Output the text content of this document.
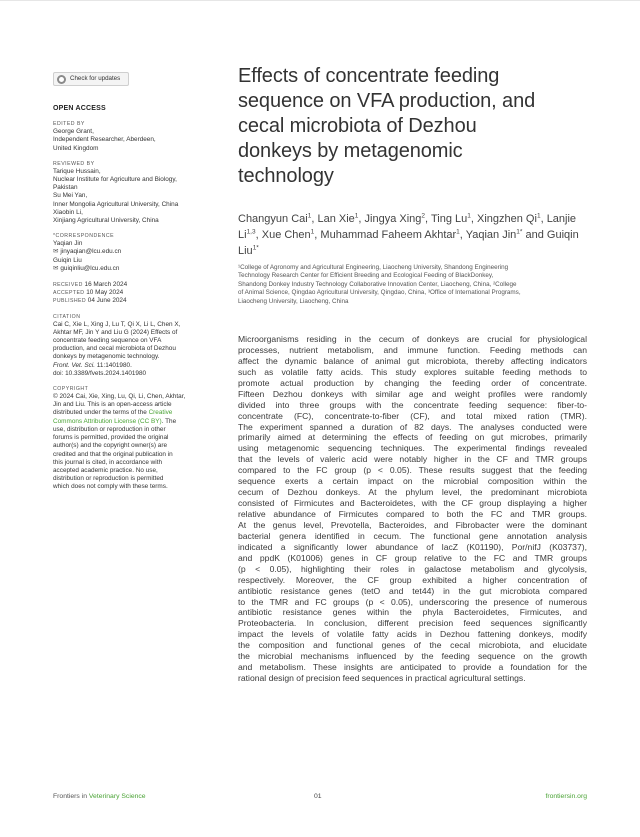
Check for updates
OPEN ACCESS
EDITED BY
George Grant,
Independent Researcher, Aberdeen,
United Kingdom
REVIEWED BY
Tarique Hussain,
Nuclear Institute for Agriculture and Biology,
Pakistan
Su Mei Yan,
Inner Mongolia Agricultural University, China
Xiaobin Li,
Xinjiang Agricultural University, China
*CORRESPONDENCE
Yaqian Jin
✉ jinyaqian@lcu.edu.cn
Guiqin Liu
✉ guiqinliu@lcu.edu.cn
RECEIVED 16 March 2024
ACCEPTED 10 May 2024
PUBLISHED 04 June 2024
CITATION
Cai C, Xie L, Xing J, Lu T, Qi X, Li L, Chen X,
Akhtar MF, Jin Y and Liu G (2024) Effects of
concentrate feeding sequence on VFA
production, and cecal microbiota of Dezhou
donkeys by metagenomic technology.
Front. Vet. Sci. 11:1401980.
doi: 10.3389/fvets.2024.1401980
COPYRIGHT
© 2024 Cai, Xie, Xing, Lu, Qi, Li, Chen, Akhtar,
Jin and Liu. This is an open-access article
distributed under the terms of the Creative
Commons Attribution License (CC BY). The
use, distribution or reproduction in other
forums is permitted, provided the original
author(s) and the copyright owner(s) are
credited and that the original publication in
this journal is cited, in accordance with
accepted academic practice. No use,
distribution or reproduction is permitted
which does not comply with these terms.
Effects of concentrate feeding
sequence on VFA production, and
cecal microbiota of Dezhou
donkeys by metagenomic
technology
Changyun Cai$^1$, Lan Xie$^1$, Jingya Xing$^2$, Ting Lu$^1$, Xingzhen Qi$^1$, Lanjie Li$^{1,3}$, Xue Chen$^1$, Muhammad Faheem Akhtar$^1$, Yaqian Jin$^{1*}$ and Guiqin Liu$^{1*}$
¹College of Agronomy and Agricultural Engineering, Liaocheng University, Shandong Engineering
Technology Research Center for Efficient Breeding and Ecological Feeding of BlackDonkey,
Shandong Donkey Industry Technology Collaborative Innovation Center, Liaocheng, China, ²College
of Animal Science, Qingdao Agricultural University, Qingdao, China, ³Office of International Programs,
Liaocheng University, Liaocheng, China
Microorganisms residing in the cecum of donkeys are crucial for physiological
processes, nutrient metabolism, and immune function. Feeding methods can
affect the dynamic balance of animal gut microbiota, thereby affecting indicators
such as volatile fatty acids. This study explores suitable feeding methods to
promote actual production by changing the feeding order of concentrate.
Fifteen Dezhou donkeys with similar age and weight profiles were randomly
divided into three groups with the concentrate feeding sequence: fiber-to-
concentrate (FC), concentrate-to-fiber (CF), and total mixed ration (TMR).
The experiment spanned a duration of 82 days. The analyses conducted were
primarily aimed at determining the effects of feeding on gut microbes, primarily
using metagenomic sequencing techniques. The experimental findings revealed
that the levels of valeric acid were notably higher in the CF and TMR groups
compared to the FC group (p < 0.05). These results suggest that the feeding
sequence exerts a certain impact on the microbial composition within the
cecum of Dezhou donkeys. At the phylum level, the predominant microbiota
consisted of Firmicutes and Bacteroidetes, with the CF group displaying a higher
relative abundance of Firmicutes compared to both the FC and TMR groups.
At the genus level, Prevotella, Bacteroides, and Fibrobacter were the dominant
bacterial genera identified in cecum. The functional gene annotation analysis
indicated a significantly lower abundance of lacZ (K01190), Por/nifJ (K03737),
and ppdK (K01006) genes in CF group relative to the FC and TMR groups
(p < 0.05), highlighting their roles in galactose metabolism and glycolysis,
respectively. Moreover, the CF group exhibited a higher concentration of
antibiotic resistance genes (tetO and tet44) in the gut microbiota compared
to the TMR and FC groups (p < 0.05), underscoring the presence of numerous
antibiotic resistance genes within the phyla Bacteroidetes, Firmicutes, and
Proteobacteria. In conclusion, different precision feed sequences significantly
impact the levels of volatile fatty acids in Dezhou fattening donkeys, modify
the composition and functional genes of the cecal microbiota, and elucidate
the microbial mechanisms influenced by the feeding sequence on the growth
and metabolism. These insights are anticipated to provide a foundation for the
rational design of precision feed sequences in practical agricultural settings.
Frontiers in Veterinary Science	01	frontiersin.org
